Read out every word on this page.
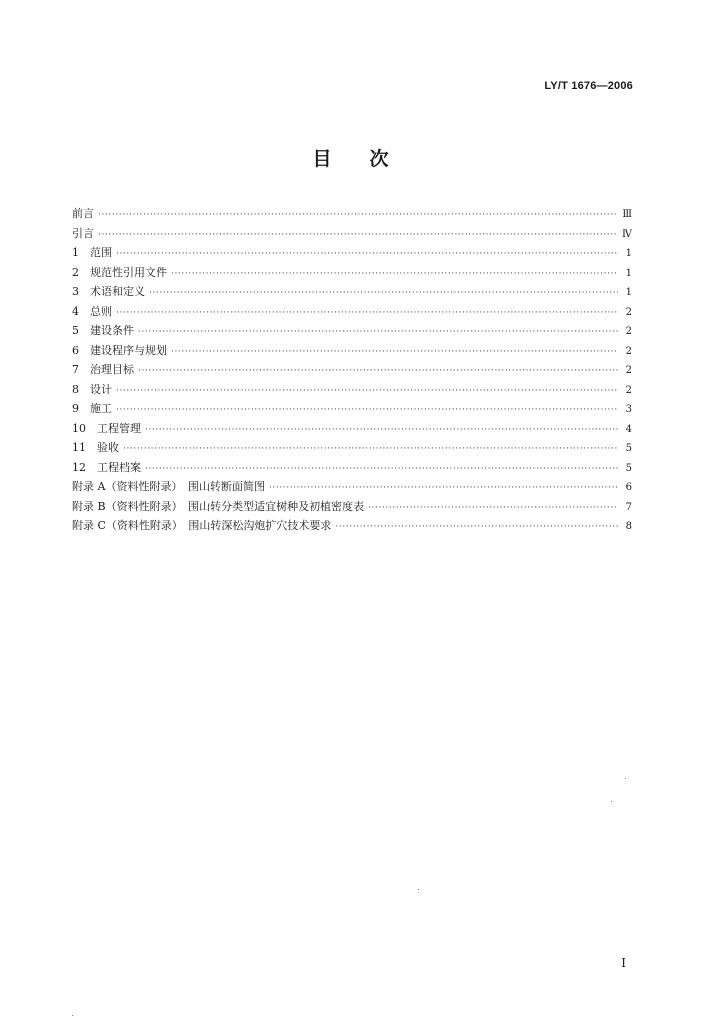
LY/T 1676—2006
目次
前言 ·····	Ⅲ
引言 ·····	Ⅳ
1　范围 ·····	1
2　规范性引用文件 ·····	1
3　术语和定义 ·····	1
4　总则 ·····	2
5　建设条件 ·····	2
6　建设程序与规划 ·····	2
7　治理目标 ·····	2
8　设计 ·····	2
9　施工 ·····	3
10　工程管理 ·····	4
11　验收 ·····	5
12　工程档案 ·····	5
附录 A（资料性附录）　围山转断面简图 ·····	6
附录 B（资料性附录）　围山转分类型适宜树种及初植密度表 ·····	7
附录 C（资料性附录）　围山转深松沟炮扩穴技术要求 ·····	8
I
